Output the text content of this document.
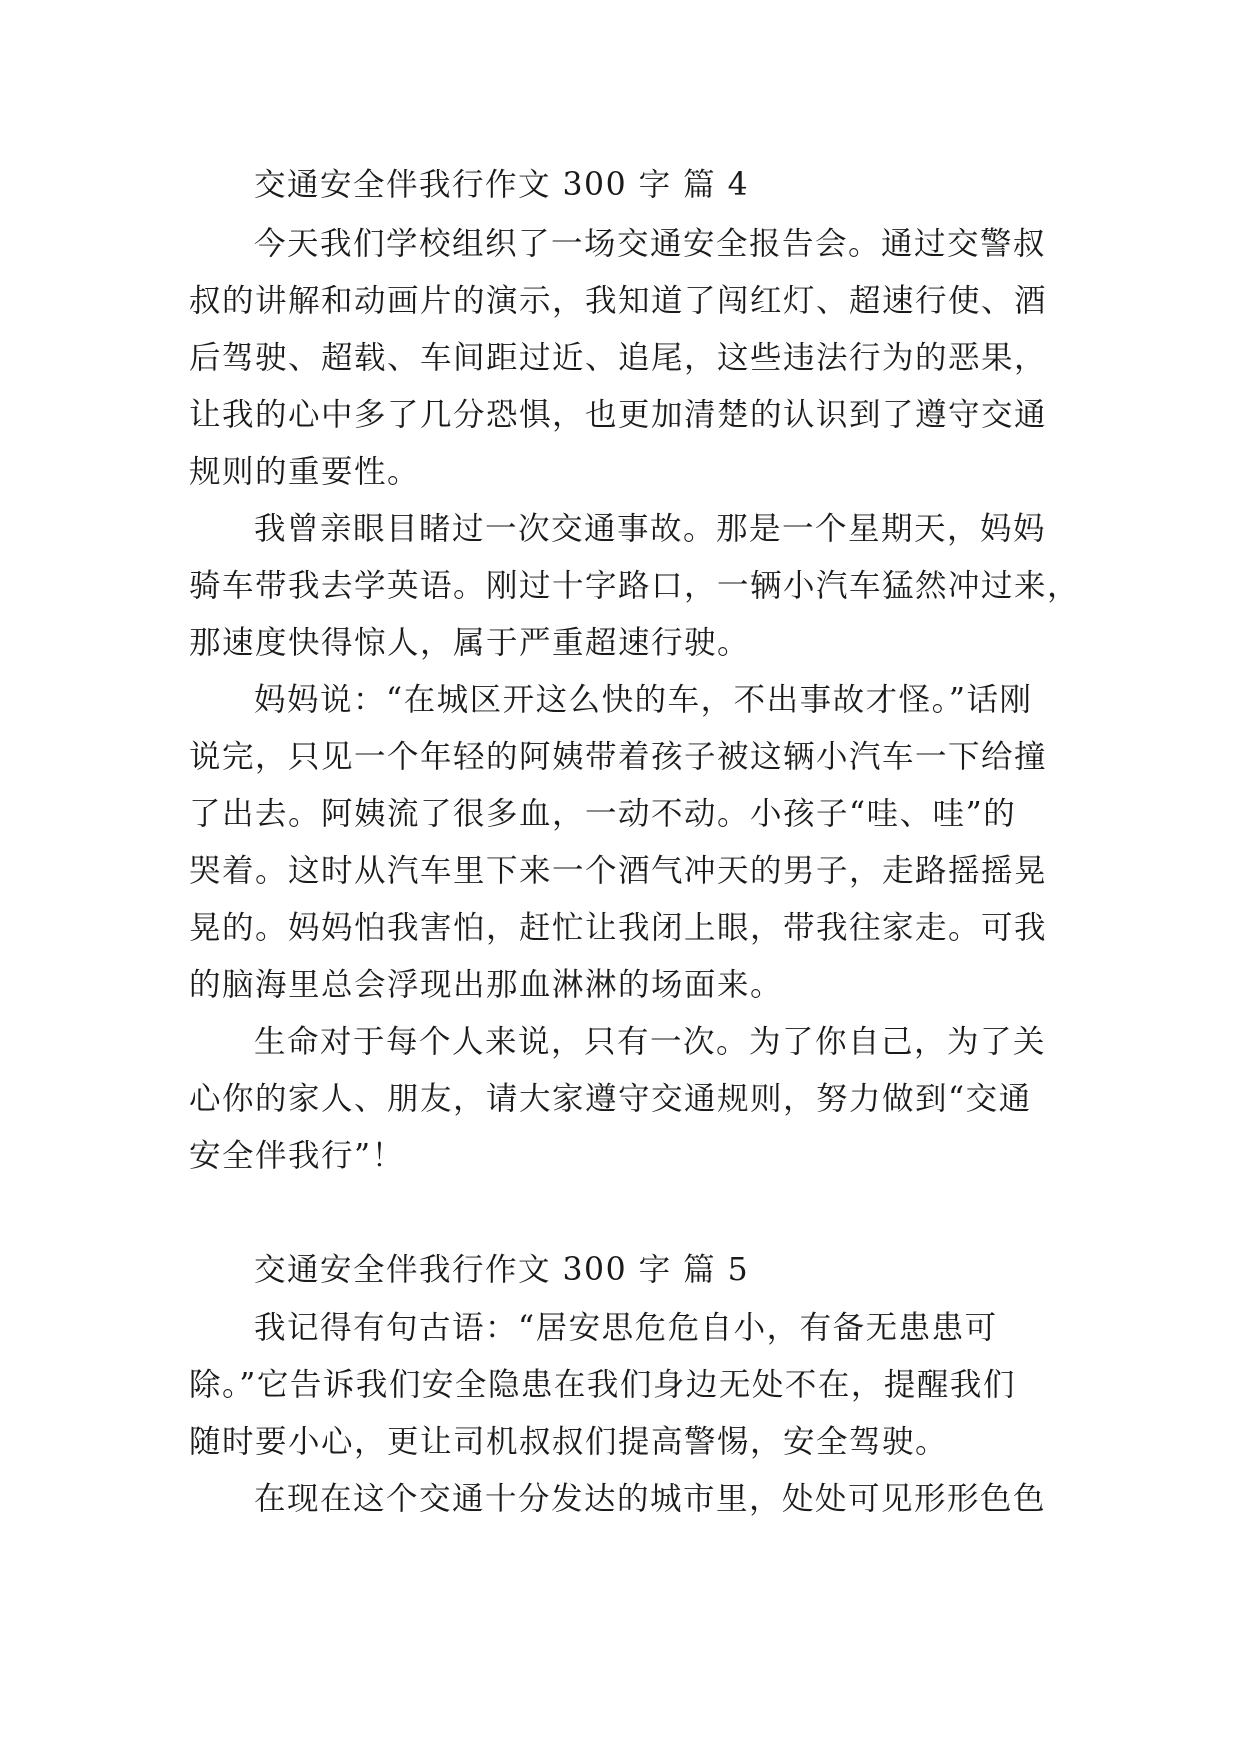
交通安全伴我行作文 300 字 篇 4
今天我们学校组织了一场交通安全报告会。通过交警叔
叔的讲解和动画片的演示，我知道了闯红灯、超速行使、酒
后驾驶、超载、车间距过近、追尾，这些违法行为的恶果，
让我的心中多了几分恐惧，也更加清楚的认识到了遵守交通
规则的重要性。
我曾亲眼目睹过一次交通事故。那是一个星期天，妈妈
骑车带我去学英语。刚过十字路口，一辆小汽车猛然冲过来，
那速度快得惊人，属于严重超速行驶。
妈妈说：“在城区开这么快的车，不出事故才怪。”话刚
说完，只见一个年轻的阿姨带着孩子被这辆小汽车一下给撞
了出去。阿姨流了很多血，一动不动。小孩子“哇、哇”的
哭着。这时从汽车里下来一个酒气冲天的男子，走路摇摇晃
晃的。妈妈怕我害怕，赶忙让我闭上眼，带我往家走。可我
的脑海里总会浮现出那血淋淋的场面来。
生命对于每个人来说，只有一次。为了你自己，为了关
心你的家人、朋友，请大家遵守交通规则，努力做到“交通
安全伴我行”！
交通安全伴我行作文 300 字 篇 5
我记得有句古语：“居安思危危自小，有备无患患可
除。”它告诉我们安全隐患在我们身边无处不在，提醒我们
随时要小心，更让司机叔叔们提高警惕，安全驾驶。
在现在这个交通十分发达的城市里，处处可见形形色色
